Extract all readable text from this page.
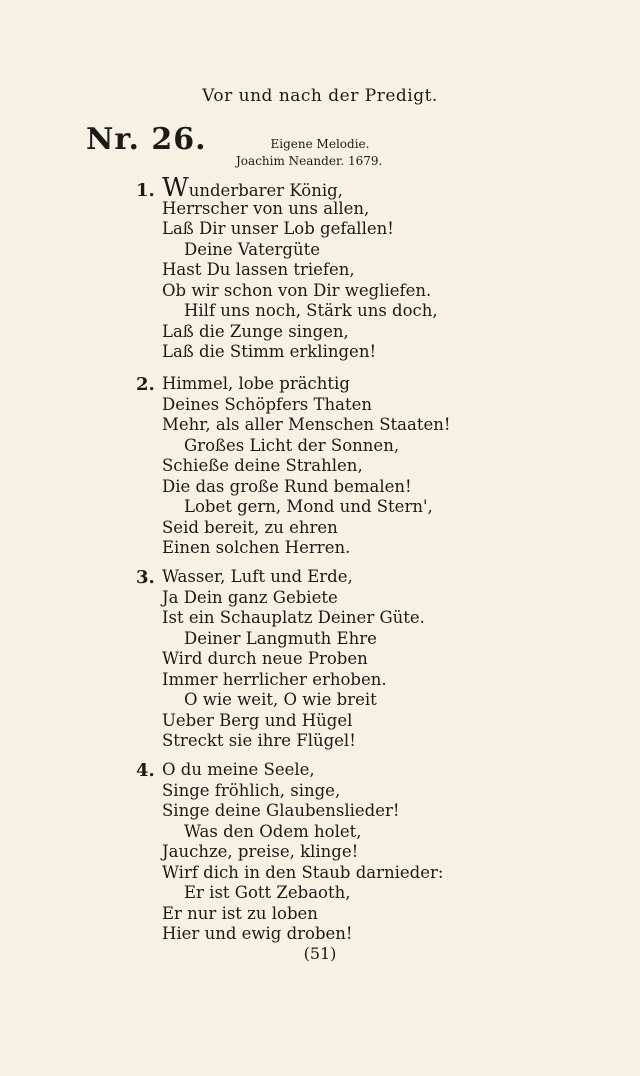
Vor und nach der Predigt.
Nr. 26.	Eigene Melodie.
Joachim Neander. 1679.
1. Wunderbarer König,
Herrscher von uns allen,
Laß Dir unser Lob gefallen!
Deine Vatergüte
Hast Du lassen triefen,
Ob wir schon von Dir wegliefen.
Hilf uns noch, Stärk uns doch,
Laß die Zunge singen,
Laß die Stimm erklingen!
2. Himmel, lobe prächtig
Deines Schöpfers Thaten
Mehr, als aller Menschen Staaten!
Großes Licht der Sonnen,
Schieße deine Strahlen,
Die das große Rund bemalen!
Lobet gern, Mond und Stern',
Seid bereit, zu ehren
Einen solchen Herren.
3. Wasser, Luft und Erde,
Ja Dein ganz Gebiete
Ist ein Schauplatz Deiner Güte.
Deiner Langmuth Ehre
Wird durch neue Proben
Immer herrlicher erhoben.
O wie weit, O wie breit
Ueber Berg und Hügel
Streckt sie ihre Flügel!
4. O du meine Seele,
Singe fröhlich, singe,
Singe deine Glaubenslieder!
Was den Odem holet,
Jauchze, preise, klinge!
Wirf dich in den Staub darnieder:
Er ist Gott Zebaoth,
Er nur ist zu loben
Hier und ewig droben!
(51)
